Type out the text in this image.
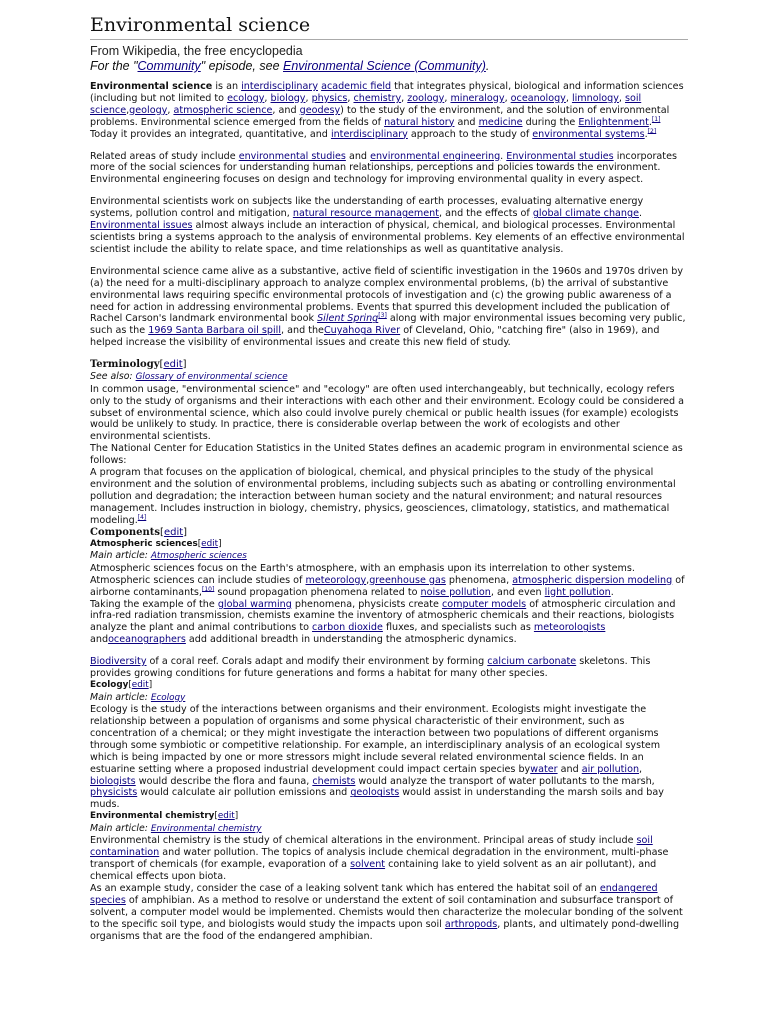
Environmental science
From Wikipedia, the free encyclopedia
For the "Community" episode, see Environmental Science (Community).

Environmental science is an interdisciplinary academic field that integrates physical, biological and information sciences (including but not limited to ecology, biology, physics, chemistry, zoology, mineralogy, oceanology, limnology, soil science,geology, atmospheric science, and geodesy) to the study of the environment, and the solution of environmental problems. Environmental science emerged from the fields of natural history and medicine during the Enlightenment.[1] Today it provides an integrated, quantitative, and interdisciplinary approach to the study of environmental systems.[2]

Related areas of study include environmental studies and environmental engineering. Environmental studies incorporates more of the social sciences for understanding human relationships, perceptions and policies towards the environment. Environmental engineering focuses on design and technology for improving environmental quality in every aspect.

Environmental scientists work on subjects like the understanding of earth processes, evaluating alternative energy systems, pollution control and mitigation, natural resource management, and the effects of global climate change. Environmental issues almost always include an interaction of physical, chemical, and biological processes. Environmental scientists bring a systems approach to the analysis of environmental problems. Key elements of an effective environmental scientist include the ability to relate space, and time relationships as well as quantitative analysis.

Environmental science came alive as a substantive, active field of scientific investigation in the 1960s and 1970s driven by (a) the need for a multi-disciplinary approach to analyze complex environmental problems, (b) the arrival of substantive environmental laws requiring specific environmental protocols of investigation and (c) the growing public awareness of a need for action in addressing environmental problems. Events that spurred this development included the publication of Rachel Carson's landmark environmental book Silent Spring[3] along with major environmental issues becoming very public, such as the 1969 Santa Barbara oil spill, and theCuyahoga River of Cleveland, Ohio, "catching fire" (also in 1969), and helped increase the visibility of environmental issues and create this new field of study.

Terminology[edit]
See also: Glossary of environmental science

In common usage, "environmental science" and "ecology" are often used interchangeably, but technically, ecology refers only to the study of organisms and their interactions with each other and their environment. Ecology could be considered a subset of environmental science, which also could involve purely chemical or public health issues (for example) ecologists would be unlikely to study. In practice, there is considerable overlap between the work of ecologists and other environmental scientists.

The National Center for Education Statistics in the United States defines an academic program in environmental science as follows:

A program that focuses on the application of biological, chemical, and physical principles to the study of the physical environment and the solution of environmental problems, including subjects such as abating or controlling environmental pollution and degradation; the interaction between human society and the natural environment; and natural resources management. Includes instruction in biology, chemistry, physics, geosciences, climatology, statistics, and mathematical modeling.[4]

Components[edit]
Atmospheric sciences[edit]
Main article: Atmospheric sciences

Atmospheric sciences focus on the Earth's atmosphere, with an emphasis upon its interrelation to other systems. Atmospheric sciences can include studies of meteorology,greenhouse gas phenomena, atmospheric dispersion modeling of airborne contaminants,[10] sound propagation phenomena related to noise pollution, and even light pollution.

Taking the example of the global warming phenomena, physicists create computer models of atmospheric circulation and infra-red radiation transmission, chemists examine the inventory of atmospheric chemicals and their reactions, biologists analyze the plant and animal contributions to carbon dioxide fluxes, and specialists such as meteorologists andoceanographers add additional breadth in understanding the atmospheric dynamics.

Biodiversity of a coral reef. Corals adapt and modify their environment by forming calcium carbonate skeletons. This provides growing conditions for future generations and forms a habitat for many other species.

Ecology[edit]
Main article: Ecology

Ecology is the study of the interactions between organisms and their environment. Ecologists might investigate the relationship between a population of organisms and some physical characteristic of their environment, such as concentration of a chemical; or they might investigate the interaction between two populations of different organisms through some symbiotic or competitive relationship. For example, an interdisciplinary analysis of an ecological system which is being impacted by one or more stressors might include several related environmental science fields. In an estuarine setting where a proposed industrial development could impact certain species bywater and air pollution, biologists would describe the flora and fauna, chemists would analyze the transport of water pollutants to the marsh, physicists would calculate air pollution emissions and geologists would assist in understanding the marsh soils and bay muds.

Environmental chemistry[edit]
Main article: Environmental chemistry

Environmental chemistry is the study of chemical alterations in the environment. Principal areas of study include soil contamination and water pollution. The topics of analysis include chemical degradation in the environment, multi-phase transport of chemicals (for example, evaporation of a solvent containing lake to yield solvent as an air pollutant), and chemical effects upon biota.

As an example study, consider the case of a leaking solvent tank which has entered the habitat soil of an endangered species of amphibian. As a method to resolve or understand the extent of soil contamination and subsurface transport of solvent, a computer model would be implemented. Chemists would then characterize the molecular bonding of the solvent to the specific soil type, and biologists would study the impacts upon soil arthropods, plants, and ultimately pond-dwelling organisms that are the food of the endangered amphibian.
